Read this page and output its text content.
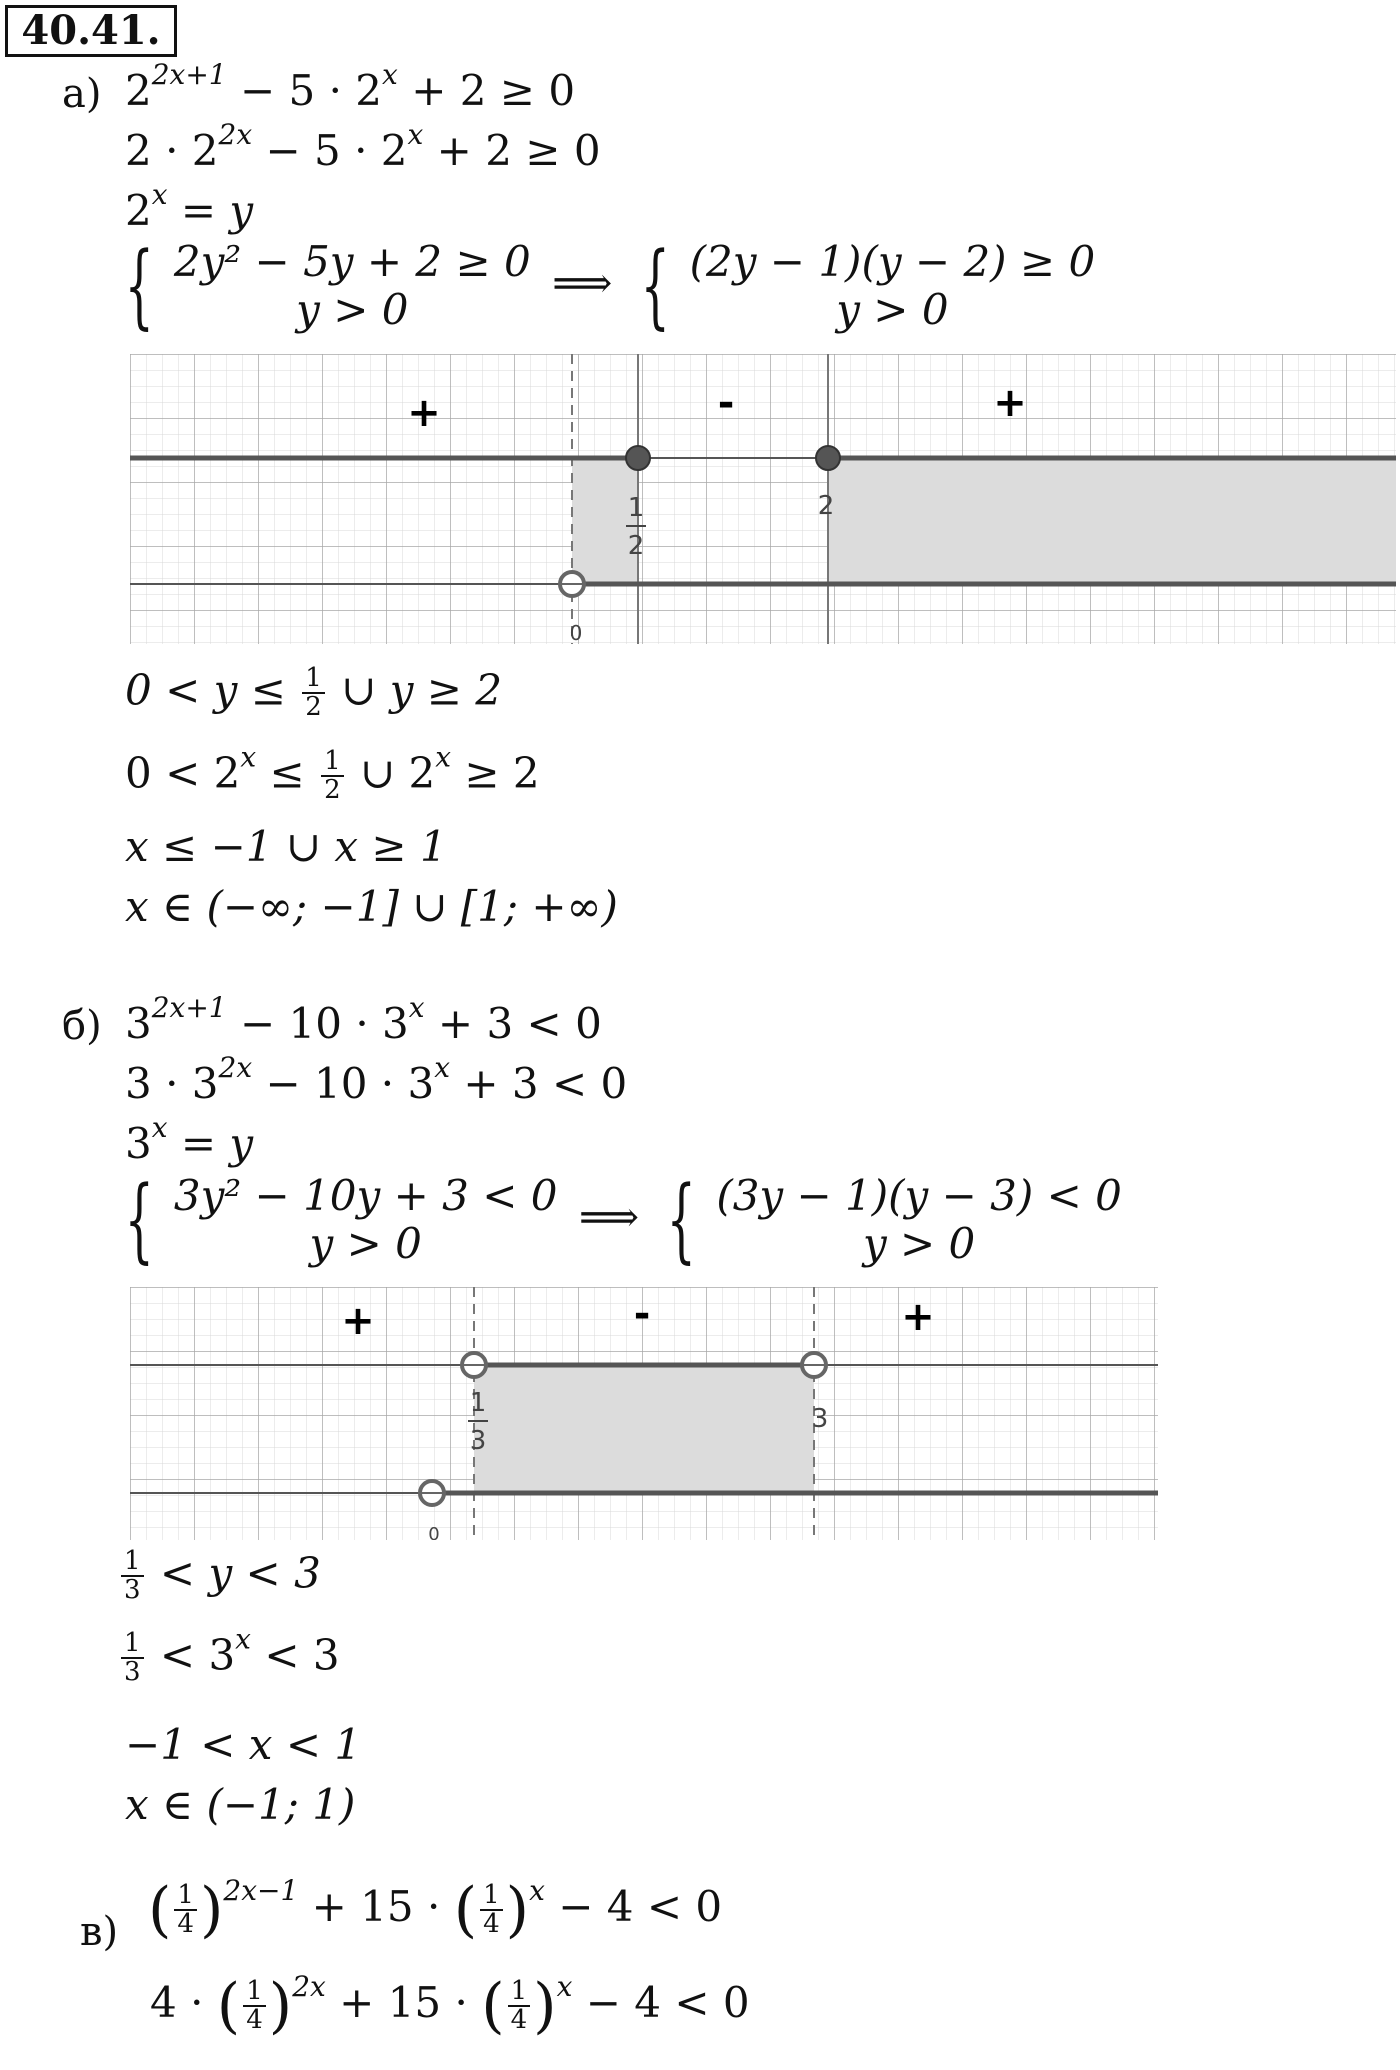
40.41.
а) $2^{2x+1} - 5 \cdot 2^x + 2 \ge 0$
$2 \cdot 2^{2x} - 5 \cdot 2^x + 2 \ge 0$
$2^x = y$
{ 2y² − 5y + 2 ≥ 0
y > 0
⟹ { (2y − 1)(y − 2) ≥ 0
y > 0
+	-	+
0
1
2
2
$0 < y \le \frac{1}{2}$ ∪ y ≥ 2
$0 < 2^x \le \frac{1}{2}$ ∪ $2^x \ge 2$
x ≤ −1 ∪ x ≥ 1
x ∈ (−∞; −1] ∪ [1; +∞)
б) $3^{2x+1} - 10 \cdot 3^x + 3 < 0$
$3 \cdot 3^{2x} - 10 \cdot 3^x + 3 < 0$
$3^x = y$
{ 3y² − 10y + 3 < 0
y > 0
⟹ { (3y − 1)(y − 3) < 0
y > 0
+	-	+
0
1
3
3
$\frac{1}{3} < y < 3$
$\frac{1}{3} < 3^x < 3$
−1 < x < 1
x ∈ (−1; 1)
в) ( $\frac{1}{4} )^{2x-1} + 15$ · ( $\frac{1}{4} )^x - 4 < 0$
4 · ( $\frac{1}{4} )^{2x} + 15$ · ( $\frac{1}{4} )^x - 4 < 0$
